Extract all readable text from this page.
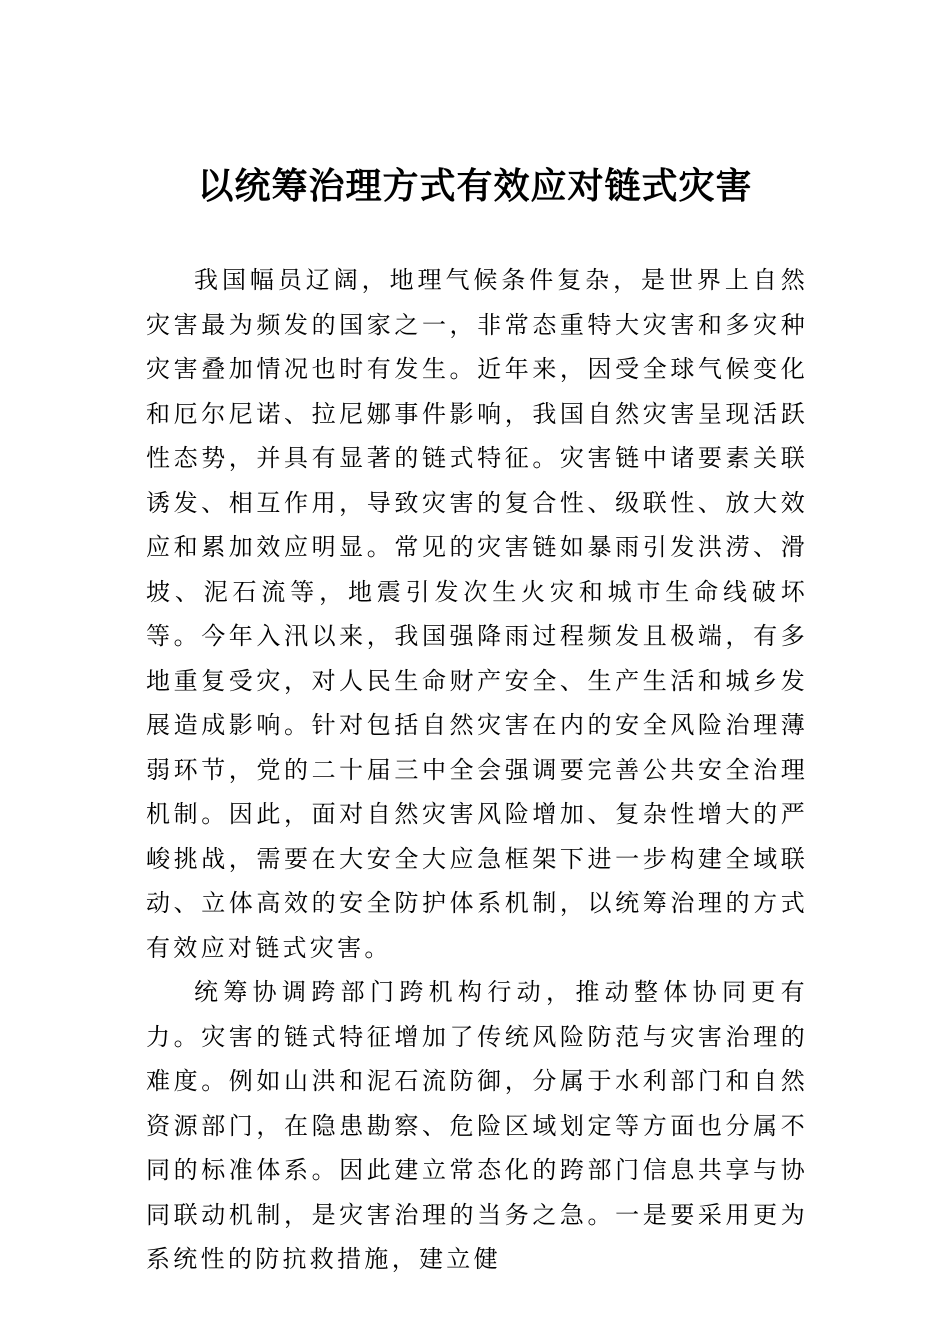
以统筹治理方式有效应对链式灾害

我国幅员辽阔，地理气候条件复杂，是世界上自然灾害最为频发的国家之一，非常态重特大灾害和多灾种灾害叠加情况也时有发生。近年来，因受全球气候变化和厄尔尼诺、拉尼娜事件影响，我国自然灾害呈现活跃性态势，并具有显著的链式特征。灾害链中诸要素关联诱发、相互作用，导致灾害的复合性、级联性、放大效应和累加效应明显。常见的灾害链如暴雨引发洪涝、滑坡、泥石流等，地震引发次生火灾和城市生命线破坏等。今年入汛以来，我国强降雨过程频发且极端，有多地重复受灾，对人民生命财产安全、生产生活和城乡发展造成影响。针对包括自然灾害在内的安全风险治理薄弱环节，党的二十届三中全会强调要完善公共安全治理机制。因此，面对自然灾害风险增加、复杂性增大的严峻挑战，需要在大安全大应急框架下进一步构建全域联动、立体高效的安全防护体系机制，以统筹治理的方式有效应对链式灾害。

统筹协调跨部门跨机构行动，推动整体协同更有力。灾害的链式特征增加了传统风险防范与灾害治理的难度。例如山洪和泥石流防御，分属于水利部门和自然资源部门，在隐患勘察、危险区域划定等方面也分属不同的标准体系。因此建立常态化的跨部门信息共享与协同联动机制，是灾害治理的当务之急。一是要采用更为系统性的防抗救措施，建立健
